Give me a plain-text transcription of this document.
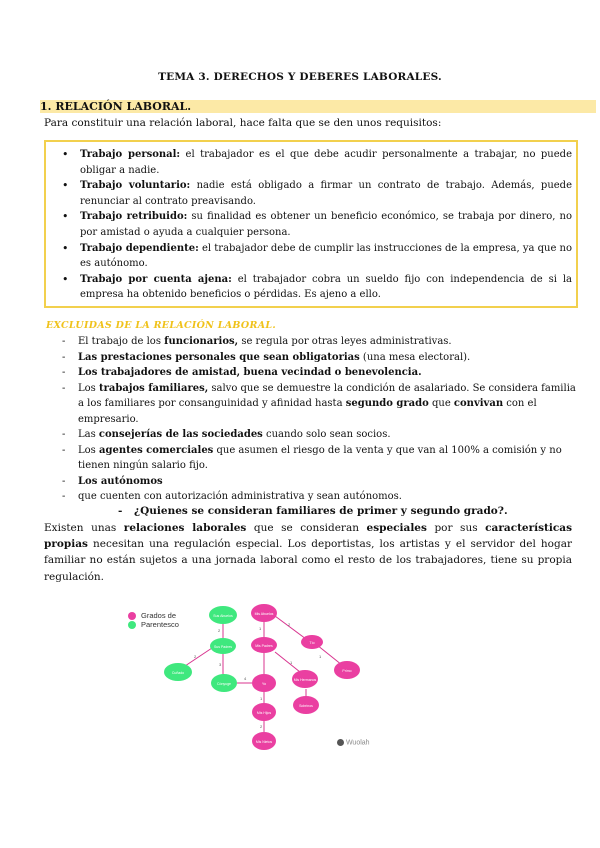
TEMA 3. DERECHOS Y DEBERES LABORALES.
1. RELACIÓN LABORAL.
Para constituir una relación laboral, hace falta que se den unos requisitos:
• Trabajo personal: el trabajador es el que debe acudir personalmente a trabajar, no puede obligar a nadie.
• Trabajo voluntario: nadie está obligado a firmar un contrato de trabajo. Además, puede renunciar al contrato preavisando.
• Trabajo retribuido: su finalidad es obtener un beneficio económico, se trabaja por dinero, no por amistad o ayuda a cualquier persona.
• Trabajo dependiente: el trabajador debe de cumplir las instrucciones de la empresa, ya que no es autónomo.
• Trabajo por cuenta ajena: el trabajador cobra un sueldo fijo con independencia de si la empresa ha obtenido beneficios o pérdidas. Es ajeno a ello.
EXCLUIDAS DE LA RELACIÓN LABORAL.
- El trabajo de los funcionarios, se regula por otras leyes administrativas.
- Las prestaciones personales que sean obligatorias (una mesa electoral).
- Los trabajadores de amistad, buena vecindad o benevolencia.
- Los trabajos familiares, salvo que se demuestre la condición de asalariado. Se considera familia a los familiares por consanguinidad y afinidad hasta segundo grado que convivan con el empresario.
- Las consejerías de las sociedades cuando solo sean socios.
- Los agentes comerciales que asumen el riesgo de la venta y que van al 100% a comisión y no tienen ningún salario fijo.
- Los autónomos
- que cuenten con autorización administrativa y sean autónomos.
- ¿Quienes se consideran familiares de primer y segundo grado?.
Existen unas relaciones laborales que se consideran especiales por sus características propias necesitan una regulación especial. Los deportistas, los artistas y el servidor del hogar familiar no están sujetos a una jornada laboral como el resto de los trabajadores, tiene su propia regulación.
2	1
2
1
1
2
3
4
1
2
Grados de
Parentesco
Sus Abuelos	Mis Abuelos
Sus Padres	Mis Padres
Tío
Primo
Cuñado
Cónyuge	Yo
Mis Hermanos
Sobrinos
Mis Hijos
Mis Nietos	Wuolah
